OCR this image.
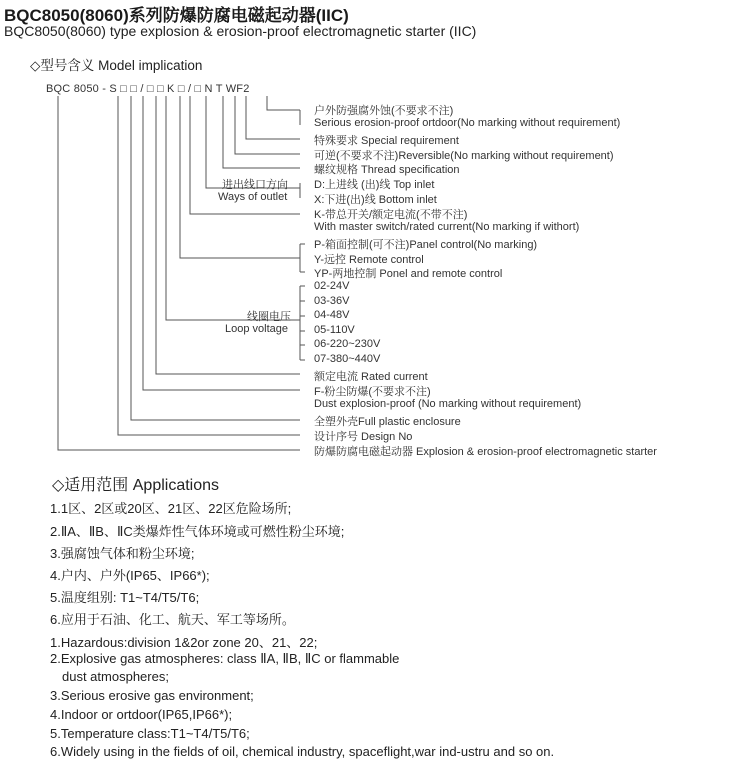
BQC8050(8060)系列防爆防腐电磁起动器(IIC)
BQC8050(8060) type explosion & erosion-proof electromagnetic starter (IIC)
◇型号含义 Model implication
BQC 8050 - S □ □ / □ □ K □ / □ N T WF2
户外防强腐外蚀(不要求不注)
Serious erosion-proof ortdoor(No marking without requirement)
特殊要求 Special requirement
可逆(不要求不注)Reversible(No marking without requirement)
螺纹规格 Thread specification
D:上进线 (出)线 Top inlet
X:下进(出)线 Bottom inlet
K-带总开关/额定电流(不带不注)
With master switch/rated current(No marking if withort)
P-箱面控制(可不注)Panel control(No marking)
Y-远控 Remote control
YP-两地控制 Ponel and remote control
02-24V
03-36V
04-48V
05-110V
06-220~230V
07-380~440V
额定电流 Rated current
F-粉尘防爆(不要求不注)
Dust explosion-proof (No marking without requirement)
全塑外壳Full plastic enclosure
设计序号 Design No
防爆防腐电磁起动器 Explosion & erosion-proof electromagnetic starter
进出线口方向
Ways of outlet
线圈电压
Loop voltage
◇适用范围 Applications
1.1区、2区或20区、21区、22区危险场所;
2.ⅡA、ⅡB、ⅡC类爆炸性气体环境或可燃性粉尘环境;
3.强腐蚀气体和粉尘环境;
4.户内、户外(IP65、IP66*);
5.温度组别: T1~T4/T5/T6;
6.应用于石油、化工、航天、军工等场所。
1.Hazardous:division 1&2or zone 20、21、22;
2.Explosive gas atmospheres: class ⅡA, ⅡB, ⅡC or flammable
dust atmospheres;
3.Serious erosive gas environment;
4.Indoor or ortdoor(IP65,IP66*);
5.Temperature class:T1~T4/T5/T6;
6.Widely using in the fields of oil, chemical industry, spaceflight,war ind-ustru and so on.
